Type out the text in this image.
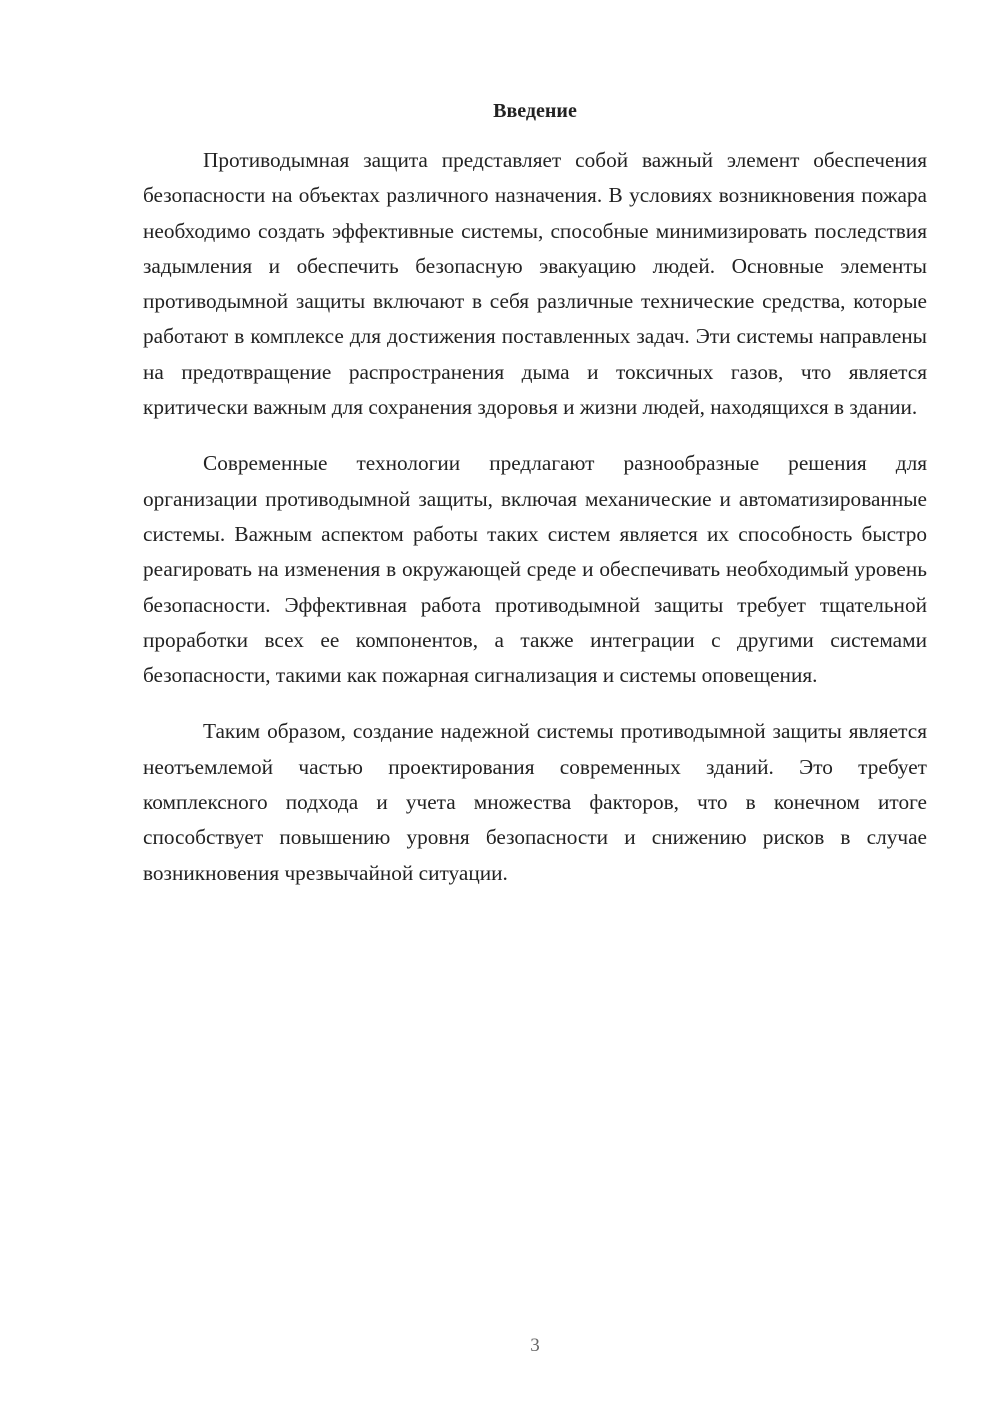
Введение

Противодымная защита представляет собой важный элемент обеспечения безопасности на объектах различного назначения. В условиях возникновения пожара необходимо создать эффективные системы, способные минимизировать последствия задымления и обеспечить безопасную эвакуацию людей. Основные элементы противодымной защиты включают в себя различные технические средства, которые работают в комплексе для достижения поставленных задач. Эти системы направлены на предотвращение распространения дыма и токсичных газов, что является критически важным для сохранения здоровья и жизни людей, находящихся в здании.

Современные технологии предлагают разнообразные решения для организации противодымной защиты, включая механические и автоматизированные системы. Важным аспектом работы таких систем является их способность быстро реагировать на изменения в окружающей среде и обеспечивать необходимый уровень безопасности. Эффективная работа противодымной защиты требует тщательной проработки всех ее компонентов, а также интеграции с другими системами безопасности, такими как пожарная сигнализация и системы оповещения.

Таким образом, создание надежной системы противодымной защиты является неотъемлемой частью проектирования современных зданий. Это требует комплексного подхода и учета множества факторов, что в конечном итоге способствует повышению уровня безопасности и снижению рисков в случае возникновения чрезвычайной ситуации.

3
